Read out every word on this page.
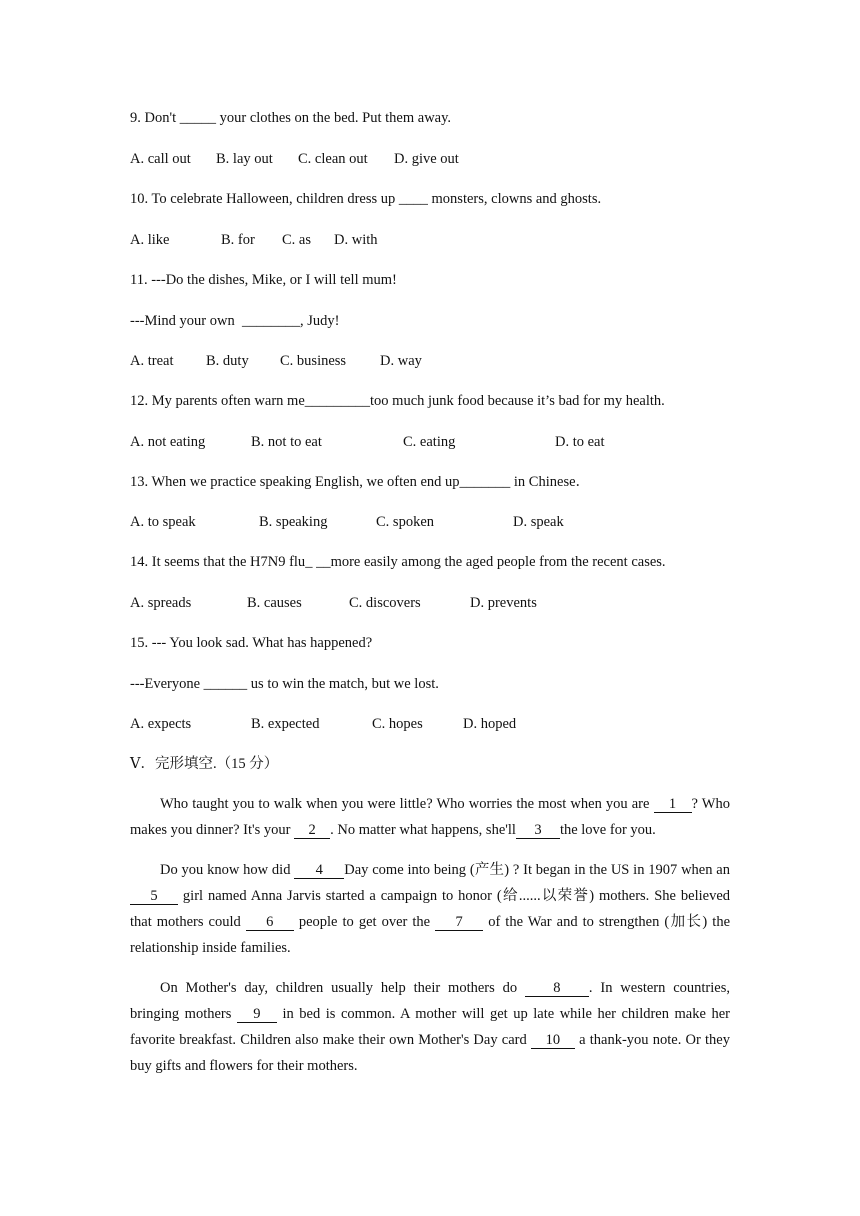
9. Don't _____ your clothes on the bed. Put them away.
A. call out B. lay out C. clean out D. give out
10. To celebrate Halloween, children dress up ____ monsters, clowns and ghosts.
A. like	B. for C. as D. with
11. ---Do the dishes, Mike, or I will tell mum!
---Mind your own  ________, Judy!
A. treat B. duty C. business D. way
12. My parents often warn me_________too much junk food because it’s bad for my health.
A. not eating	B. not to eat	C. eating	D. to eat
13. When we practice speaking English, we often end up_______ in Chinese．
A. to speak	B. speaking	C. spoken	D. speak
14. It seems that the H7N9 flu_ __more easily among the aged people from the recent cases.
A. spreads	B. causes	C. discovers	D. prevents
15. --- You look sad. What has happened?
---Everyone ______ us to win the match, but we lost.
A. expects	B. expected	C. hopes	D. hoped
Ⅴ．完形填空.（15 分）
Who taught you to walk when you were little? Who worries the most when you are 1 ? Who makes you dinner? It's your 2 . No matter what happens, she'll 3 the love for you.
Do you know how did 4 Day come into being (产生) ? It began in the US in 1907 when an 5 girl named Anna Jarvis started a campaign to honor (给......以荣誉) mothers. She believed that mothers could 6 people to get over the 7 of the War and to strengthen (加长) the relationship inside families.
On Mother's day, children usually help their mothers do 8 . In western countries, bringing mothers 9 in bed is common. A mother will get up late while her children make her favorite breakfast. Children also make their own Mother's Day card 10 a thank-you note. Or they buy gifts and flowers for their mothers.
